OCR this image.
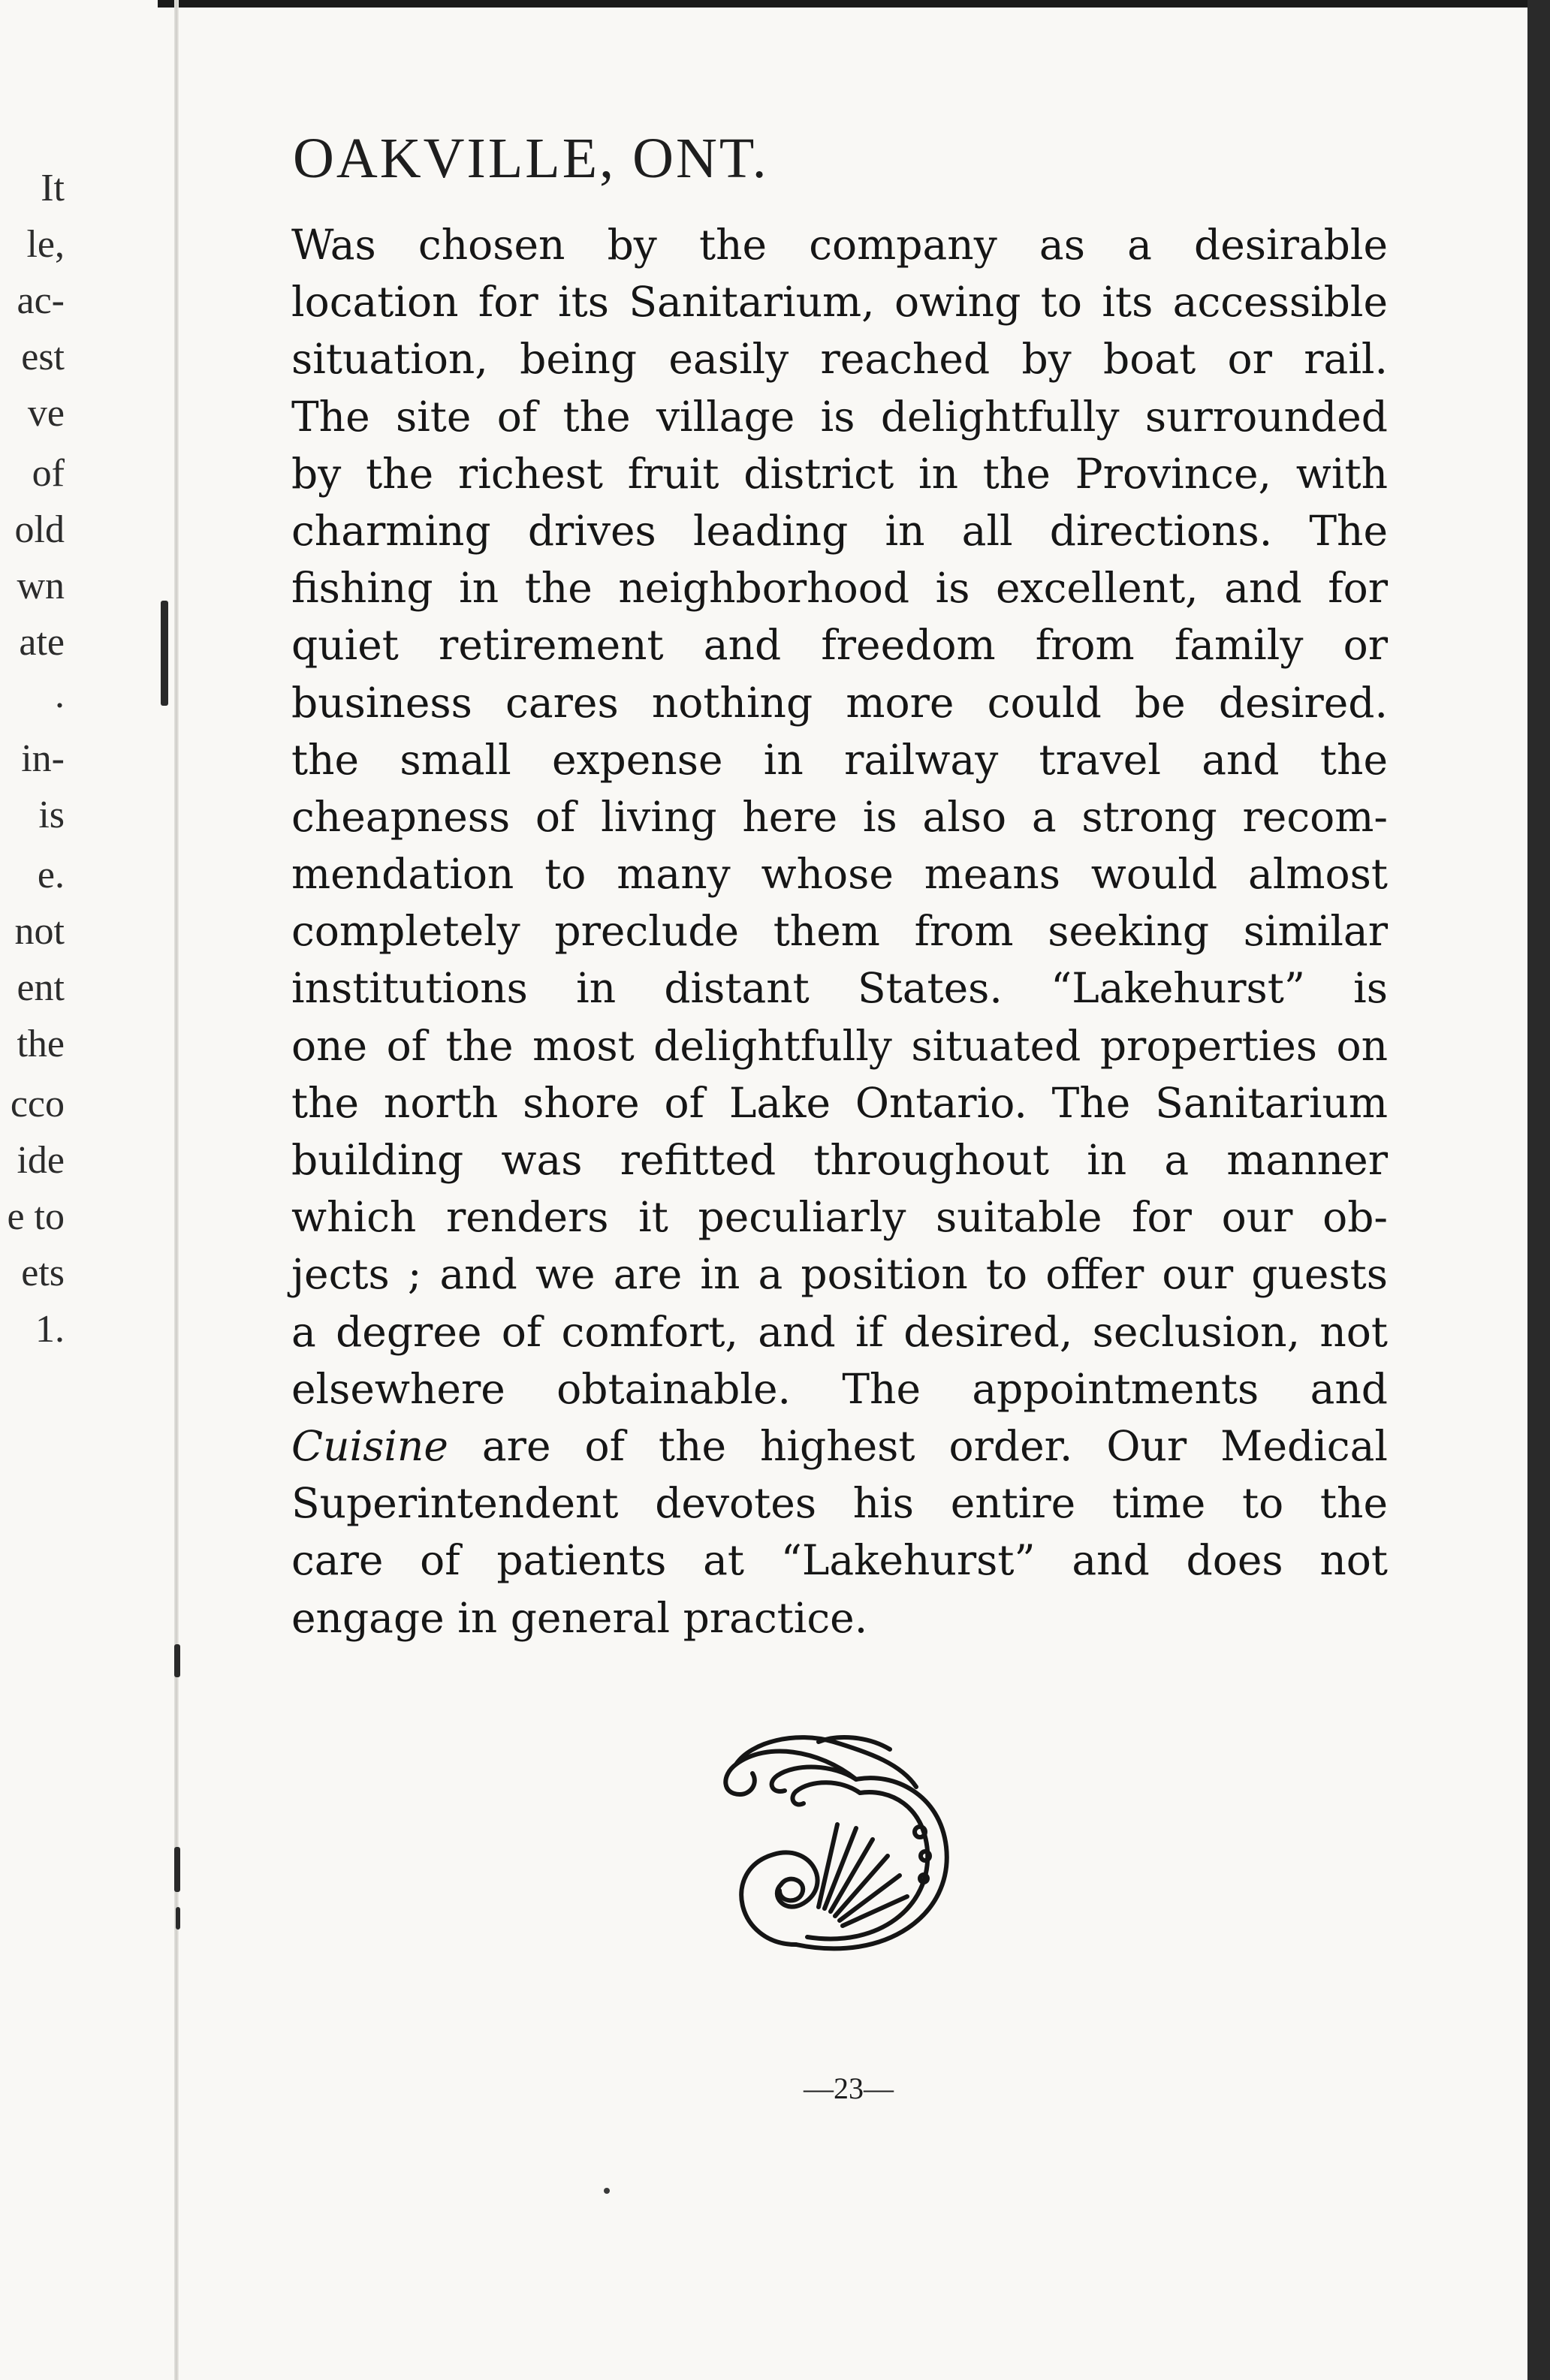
It
le,
ac-
est
ve
of
old
wn
ate
.
in-
is
e.
not
ent
the
cco
ide
e to
ets
1.
OAKVILLE, ONT.
Was chosen by the company as a desirable
location for its Sanitarium, owing to its accessible
situation, being easily reached by boat or rail.
The site of the village is delightfully surrounded
by the richest fruit district in the Province, with
charming drives leading in all directions. The
fishing in the neighborhood is excellent, and for
quiet retirement and freedom from family or
business cares nothing more could be desired.
the small expense in railway travel and the
cheapness of living here is also a strong recom-
mendation to many whose means would almost
completely preclude them from seeking similar
institutions in distant States. “Lakehurst” is
one of the most delightfully situated properties on
the north shore of Lake Ontario. The Sanitarium
building was refitted throughout in a manner
which renders it peculiarly suitable for our ob-
jects ; and we are in a position to offer our guests
a degree of comfort, and if desired, seclusion, not
elsewhere obtainable. The appointments and
Cuisine are of the highest order. Our Medical
Superintendent devotes his entire time to the
care of patients at “Lakehurst” and does not
engage in general practice.
—23—
